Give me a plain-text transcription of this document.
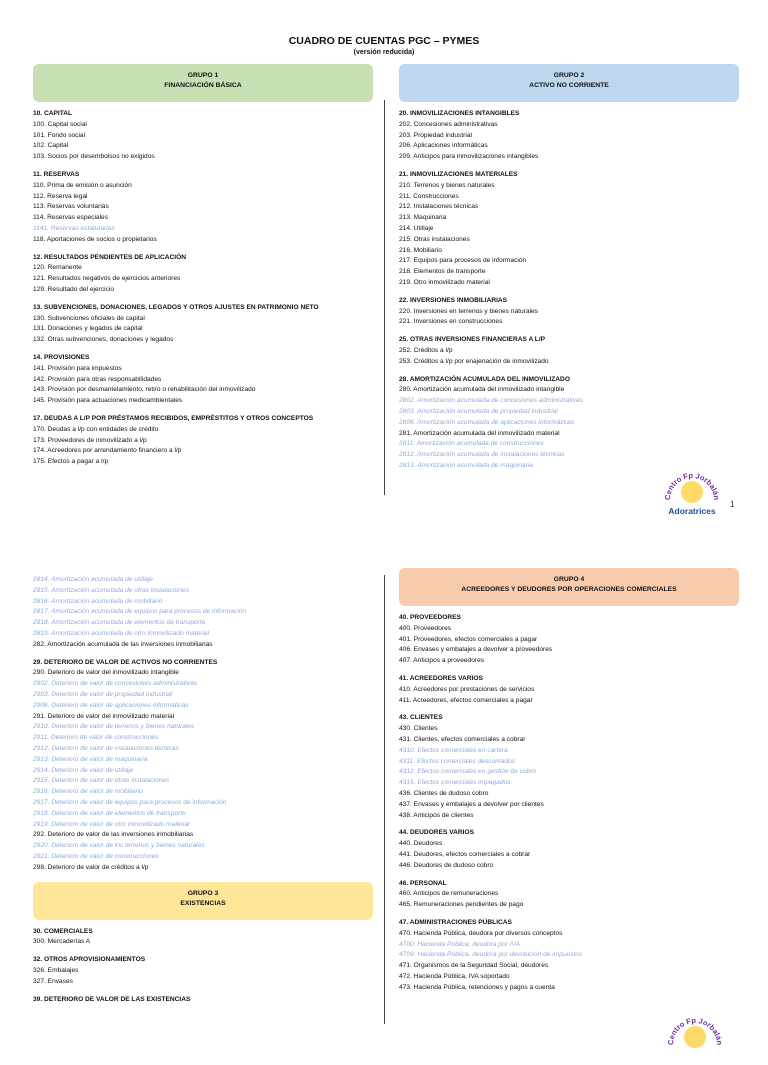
CUADRO DE CUENTAS PGC – PYMES
(versión reducida)
GRUPO 1
FINANCIACIÓN BÁSICA
10. CAPITAL
100. Capital social
101. Fondo social
102. Capital
103. Socios por desembolsos no exigidos
11. RESERVAS
110. Prima de emisión o asunción
112. Reserva legal
113. Reservas voluntarias
114. Reservas especiales
1141. Reservas estatutarias
118. Aportaciones de socios o propietarios
12. RESULTADOS PENDIENTES DE APLICACIÓN
120. Remanente
121. Resultados negativos de ejercicios anteriores
129. Resultado del ejercicio
13. SUBVENCIONES, DONACIONES, LEGADOS Y OTROS AJUSTES EN PATRIMONIO NETO
130. Subvenciones oficiales de capital
131. Donaciones y legados de capital
132. Otras subvenciones, donaciones y legados
14. PROVISIONES
141. Provisión para impuestos
142. Provisión para otras responsabilidades
143. Provisión por desmantelamiento, retiro o rehabilitación del inmovilizado
145. Provisión para actuaciones medioambientales
17. DEUDAS A L/P POR PRÉSTAMOS RECIBIDOS, EMPRÉSTITOS Y OTROS CONCEPTOS
170. Deudas a l/p con entidades de crédito
173. Proveedores de inmovilizado a l/p
174. Acreedores por arrendamiento financiero a l/p
175. Efectos a pagar a l/p
GRUPO 2
ACTIVO NO CORRIENTE
20. INMOVILIZACIONES INTANGIBLES
202. Concesiones administrativas
203. Propiedad industrial
206. Aplicaciones informáticas
209. Anticipos para inmovilizaciones intangibles
21. INMOVILIZACIONES MATERIALES
210. Terrenos y bienes naturales
211. Construcciones
212. Instalaciones técnicas
213. Maquinaria
214. Utillaje
215. Otras instalaciones
216. Mobiliario
217. Equipos para procesos de información
218. Elementos de transporte
219. Otro inmovilizado material
22. INVERSIONES INMOBILIARIAS
220. Inversiones en terrenos y bienes naturales
221. Inversiones en construcciones
25. OTRAS INVERSIONES FINANCIERAS A L/P
252. Créditos a l/p
253. Créditos a l/p por enajenación de inmovilizado
28. AMORTIZACIÓN ACUMULADA DEL INMOVILIZADO
280. Amortización acumulada del inmovilizado intangible
2802. Amortización acumulada de concesiones administrativas
2803. Amortización acumulada de propiedad industrial
2806. Amortización acumulada de aplicaciones informáticas
281. Amortización acumulada del inmovilizado material
2811. Amortización acumulada de construcciones
2812. Amortización acumulada de instalaciones técnicas
2813. Amortización acumulada de maquinaria
Centro Fp Jorbalán
Adoratrices
1
2814. Amortización acumulada de utillaje
2815. Amortización acumulada de otras instalaciones
2816. Amortización acumulada de mobiliario
2817. Amortización acumulada de equipos para procesos de información
2818. Amortización acumulada de elementos de transporte
2819. Amortización acumulada de otro inmovilizado material
282. Amortización acumulada de las inversiones inmobiliarias
29. DETERIORO DE VALOR DE ACTIVOS NO CORRIENTES
290. Deterioro de valor del inmovilizado intangible
2902. Deterioro de valor de concesiones administrativas
2903. Deterioro de valor de propiedad industrial
2906. Deterioro de valor de aplicaciones informáticas
291. Deterioro de valor del inmovilizado material
2910. Deterioro de valor de terrenos y bienes naturales
2911. Deterioro de valor de construcciones
2912. Deterioro de valor de instalaciones técnicas
2913. Deterioro de valor de maquinaria
2914. Deterioro de valor de utillaje
2915. Deterioro de valor de otras instalaciones
2916. Deterioro de valor de mobiliario
2917. Deterioro de valor de equipos para procesos de información
2918. Deterioro de valor de elementos de transporte
2919. Deterioro de valor de otro inmovilizado material
292. Deterioro de valor de las inversiones inmobiliarias
2920. Deterioro de valor de los terrenos y bienes naturales
2921. Deterioro de valor de construcciones
298. Deterioro de valor de créditos a l/p
GRUPO 3
EXISTENCIAS
30. COMERCIALES
300. Mercaderías A
32. OTROS APROVISIONAMIENTOS
326. Embalajes
327. Envases
39. DETERIORO DE VALOR DE LAS EXISTENCIAS
GRUPO 4
ACREEDORES Y DEUDORES POR OPERACIONES COMERCIALES
40. PROVEEDORES
400. Proveedores
401. Proveedores, efectos comerciales a pagar
406. Envases y embalajes a devolver a proveedores
407. Anticipos a proveedores
41. ACREEDORES VARIOS
410. Acreedores por prestaciones de servicios
411. Acreedores, efectos comerciales a pagar
43. CLIENTES
430. Clientes
431. Clientes, efectos comerciales a cobrar
4310. Efectos comerciales en cartera
4311. Efectos comerciales descontados
4312. Efectos comerciales en gestión de cobro
4315. Efectos comerciales impagados
436. Clientes de dudoso cobro
437. Envases y embalajes a devolver por clientes
438. Anticipos de clientes
44. DEUDORES VARIOS
440. Deudores
441. Deudores, efectos comerciales a cobrar
446. Deudores de dudoso cobro
46. PERSONAL
460. Anticipos de remuneraciones
465. Remuneraciones pendientes de pago
47. ADMINISTRACIONES PÚBLICAS
470. Hacienda Pública, deudora por diversos conceptos
4700. Hacienda Pública, deudora por IVA
4709. Hacienda Pública, deudora por devolución de impuestos
471. Organismos de la Seguridad Social, deudores
472. Hacienda Pública, IVA soportado
473. Hacienda Pública, retenciones y pagos a cuenta
Centro Fp Jorbalán
